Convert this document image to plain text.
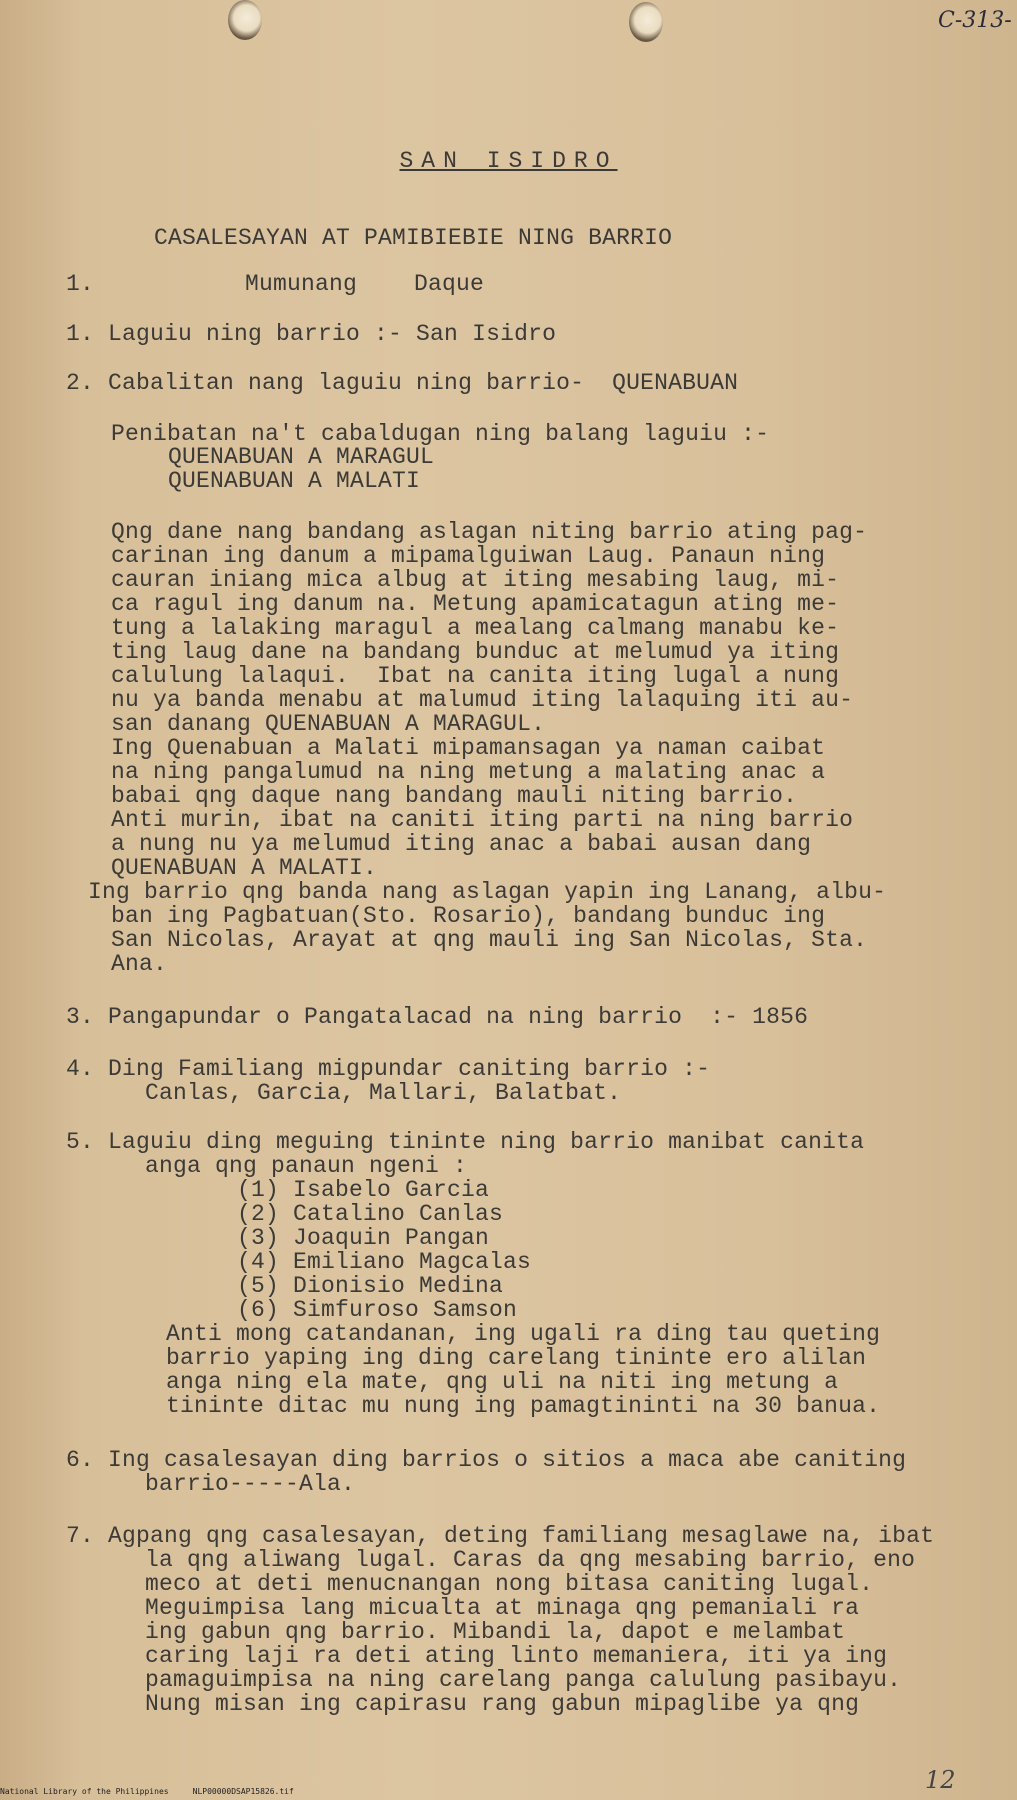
C-313-
SAN ISIDRO
CASALESAYAN AT PAMIBIEBIE NING BARRIO
1.	Mumunang Daque
1. Laguiu ning barrio :- San Isidro
2. Cabalitan nang laguiu ning barrio-  QUENABUAN
Penibatan na't cabaldugan ning balang laguiu :-
QUENABUAN A MARAGUL
QUENABUAN A MALATI
Qng dane nang bandang aslagan niting barrio ating pag-
carinan ing danum a mipamalguiwan Laug. Panaun ning
cauran iniang mica albug at iting mesabing laug, mi-
ca ragul ing danum na. Metung apamicatagun ating me-
tung a lalaking maragul a mealang calmang manabu ke-
ting laug dane na bandang bunduc at melumud ya iting
calulung lalaqui.  Ibat na canita iting lugal a nung
nu ya banda menabu at malumud iting lalaquing iti au-
san danang QUENABUAN A MARAGUL.
Ing Quenabuan a Malati mipamansagan ya naman caibat
na ning pangalumud na ning metung a malating anac a
babai qng daque nang bandang mauli niting barrio.
Anti murin, ibat na caniti iting parti na ning barrio
a nung nu ya melumud iting anac a babai ausan dang
QUENABUAN A MALATI.
Ing barrio qng banda nang aslagan yapin ing Lanang, albu-
ban ing Pagbatuan(Sto. Rosario), bandang bunduc ing
San Nicolas, Arayat at qng mauli ing San Nicolas, Sta.
Ana.
3. Pangapundar o Pangatalacad na ning barrio  :- 1856
4. Ding Familiang migpundar caniting barrio :-
Canlas, Garcia, Mallari, Balatbat.
5. Laguiu ding meguing tininte ning barrio manibat canita
anga qng panaun ngeni :
(1) Isabelo Garcia
(2) Catalino Canlas
(3) Joaquin Pangan
(4) Emiliano Magcalas
(5) Dionisio Medina
(6) Simfuroso Samson
Anti mong catandanan, ing ugali ra ding tau queting
barrio yaping ing ding carelang tininte ero alilan
anga ning ela mate, qng uli na niti ing metung a
tininte ditac mu nung ing pamagtininti na 30 banua.
6. Ing casalesayan ding barrios o sitios a maca abe caniting
barrio-----Ala.
7. Agpang qng casalesayan, deting familiang mesaglawe na, ibat
la qng aliwang lugal. Caras da qng mesabing barrio, eno
meco at deti menucnangan nong bitasa caniting lugal.
Meguimpisa lang micualta at minaga qng pemaniali ra
ing gabun qng barrio. Mibandi la, dapot e melambat
caring laji ra deti ating linto memaniera, iti ya ing
pamaguimpisa na ning carelang panga calulung pasibayu.
Nung misan ing capirasu rang gabun mipaglibe ya qng
12
National Library of the Philippines     NLP00000DSAP15826.tif
